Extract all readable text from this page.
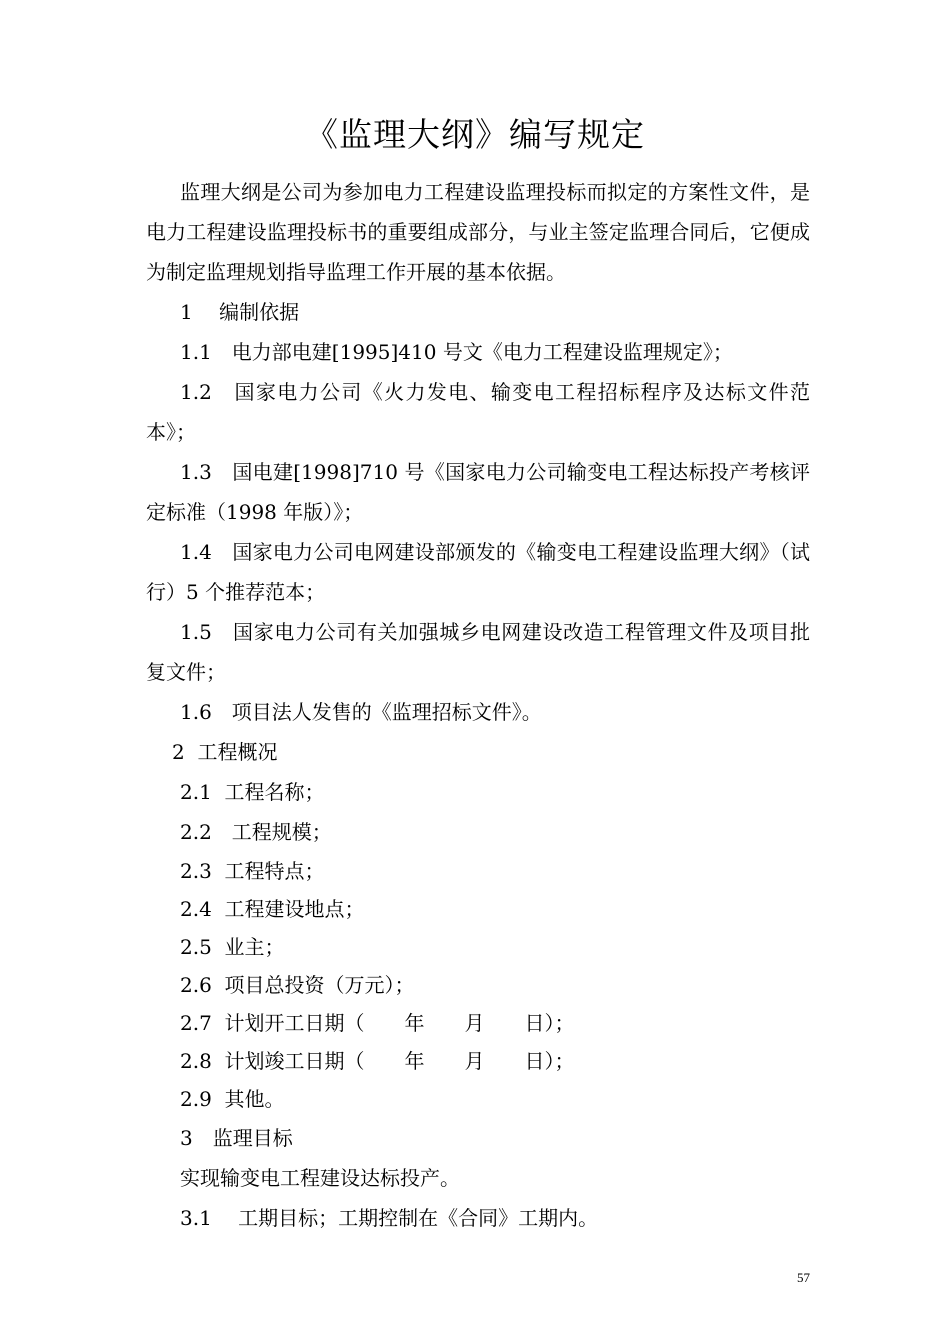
《监理大纲》编写规定

监理大纲是公司为参加电力工程建设监理投标而拟定的方案性文件，是电力工程建设监理投标书的重要组成部分，与业主签定监理合同后，它便成为制定监理规划指导监理工作开展的基本依据。

1　 编制依据

1.1　电力部电建[1995]410 号文《电力工程建设监理规定》；

1.2　国家电力公司《火力发电、输变电工程招标程序及达标文件范本》；

1.3　国电建[1998]710 号《国家电力公司输变电工程达标投产考核评定标准（1998 年版）》；

1.4　国家电力公司电网建设部颁发的《输变电工程建设监理大纲》（试行）5 个推荐范本；

1.5　国家电力公司有关加强城乡电网建设改造工程管理文件及项目批复文件；

1.6　项目法人发售的《监理招标文件》。

2  工程概况

2.1  工程名称；

2.2　工程规模；

2.3  工程特点；

2.4  工程建设地点；

2.5  业主；

2.6  项目总投资（万元）；

2.7  计划开工日期（　　年　　月　　日）；

2.8  计划竣工日期（　　年　　月　　日）；

2.9  其他。

3　监理目标

实现输变电工程建设达标投产。

3.1　 工期目标；工期控制在《合同》工期内。

57
